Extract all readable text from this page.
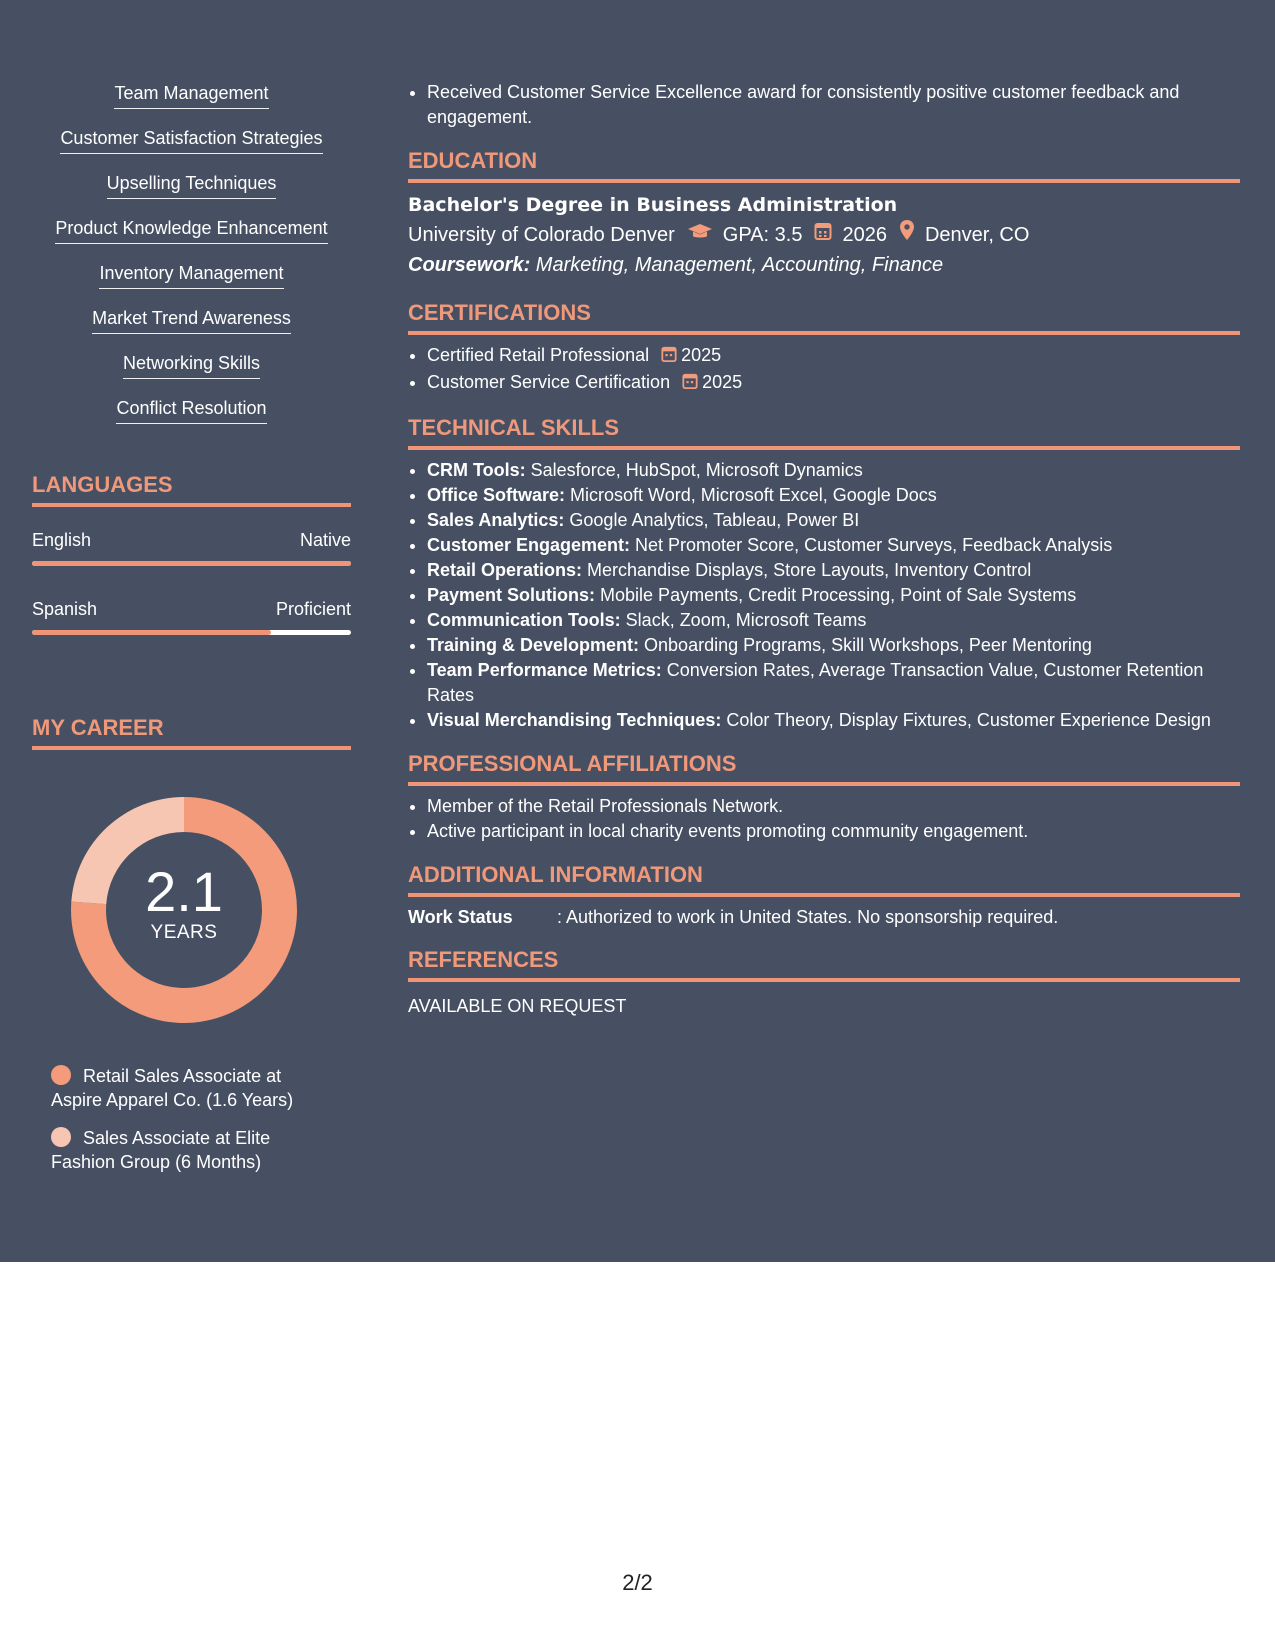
Team Management
Customer Satisfaction Strategies
Upselling Techniques
Product Knowledge Enhancement
Inventory Management
Market Trend Awareness
Networking Skills
Conflict Resolution
LANGUAGES
English	Native
Spanish	Proficient
MY CAREER
2.1
YEARS
Retail Sales Associate at Aspire Apparel Co. (1.6 Years)
Sales Associate at Elite Fashion Group (6 Months)
• Received Customer Service Excellence award for consistently positive customer feedback and engagement.
EDUCATION
Bachelor's Degree in Business Administration
University of Colorado Denver GPA: 3.5 2026 Denver, CO
Coursework: Marketing, Management, Accounting, Finance
CERTIFICATIONS
• Certified Retail Professional 2025
• Customer Service Certification 2025
TECHNICAL SKILLS
• CRM Tools: Salesforce, HubSpot, Microsoft Dynamics
• Office Software: Microsoft Word, Microsoft Excel, Google Docs
• Sales Analytics: Google Analytics, Tableau, Power BI
• Customer Engagement: Net Promoter Score, Customer Surveys, Feedback Analysis
• Retail Operations: Merchandise Displays, Store Layouts, Inventory Control
• Payment Solutions: Mobile Payments, Credit Processing, Point of Sale Systems
• Communication Tools: Slack, Zoom, Microsoft Teams
• Training & Development: Onboarding Programs, Skill Workshops, Peer Mentoring
• Team Performance Metrics: Conversion Rates, Average Transaction Value, Customer Retention Rates
• Visual Merchandising Techniques: Color Theory, Display Fixtures, Customer Experience Design
PROFESSIONAL AFFILIATIONS
• Member of the Retail Professionals Network.
• Active participant in local charity events promoting community engagement.
ADDITIONAL INFORMATION
Work Status	: Authorized to work in United States. No sponsorship required.
REFERENCES
AVAILABLE ON REQUEST
2/2
